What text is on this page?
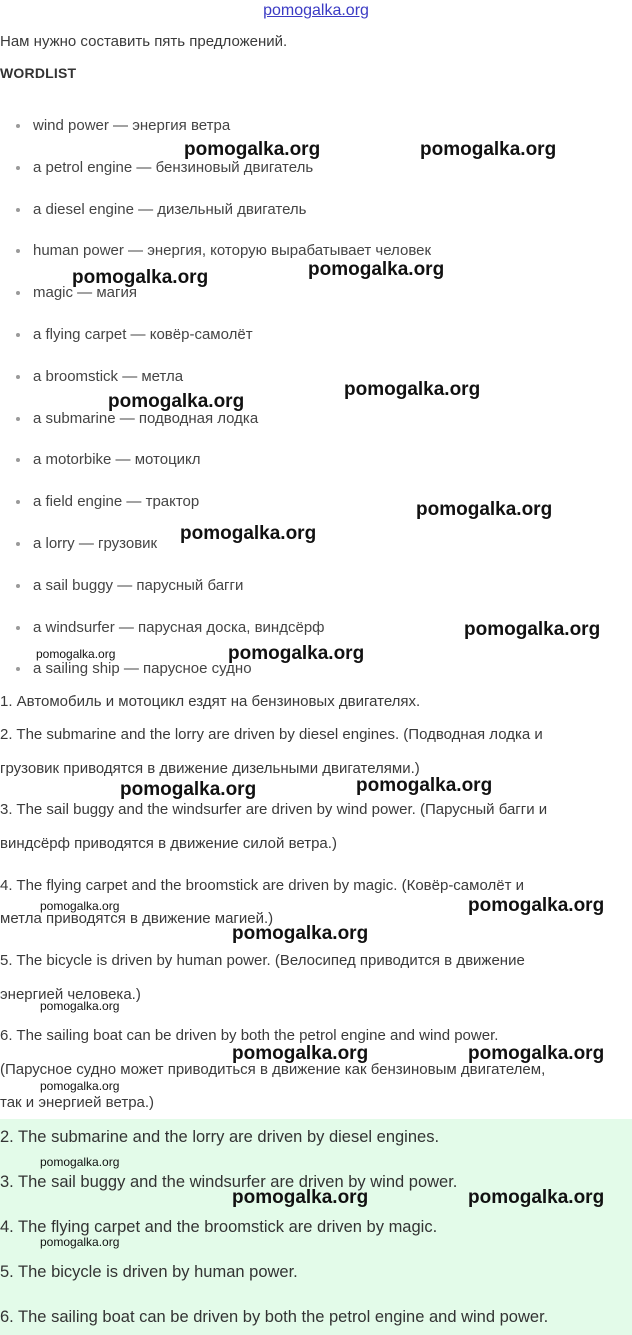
pomogalka.org
Нам нужно составить пять предложений.
WORDLIST
wind power — энергия ветра
a petrol engine — бензиновый двигатель
a diesel engine — дизельный двигатель
human power — энергия, которую вырабатывает человек
magic — магия
a flying carpet — ковёр-самолёт
a broomstick — метла
a submarine — подводная лодка
a motorbike — мотоцикл
a field engine — трактор
a lorry — грузовик
a sail buggy — парусный багги
a windsurfer — парусная доска, виндсёрф
a sailing ship — парусное судно
1. Автомобиль и мотоцикл ездят на бензиновых двигателях.
2. The submarine and the lorry are driven by diesel engines. (Подводная лодка и
грузовик приводятся в движение дизельными двигателями.)
3. The sail buggy and the windsurfer are driven by wind power. (Парусный багги и
виндсёрф приводятся в движение силой ветра.)
4. The flying carpet and the broomstick are driven by magic. (Ковёр-самолёт и
метла приводятся в движение магией.)
5. The bicycle is driven by human power. (Велосипед приводится в движение
энергией человека.)
6. The sailing boat can be driven by both the petrol engine and wind power.
(Парусное судно может приводиться в движение как бензиновым двигателем,
так и энергией ветра.)
2. The submarine and the lorry are driven by diesel engines.
3. The sail buggy and the windsurfer are driven by wind power.
4. The flying carpet and the broomstick are driven by magic.
5. The bicycle is driven by human power.
6. The sailing boat can be driven by both the petrol engine and wind power.
pomogalka.org	pomogalka.org
pomogalka.org	pomogalka.org
pomogalka.org
pomogalka.org
pomogalka.org
pomogalka.org
pomogalka.org
pomogalka.org	pomogalka.org
pomogalka.org	pomogalka.org
pomogalka.org	pomogalka.org
pomogalka.org
pomogalka.org
pomogalka.org	pomogalka.org
pomogalka.org
pomogalka.org
pomogalka.org	pomogalka.org
pomogalka.org
